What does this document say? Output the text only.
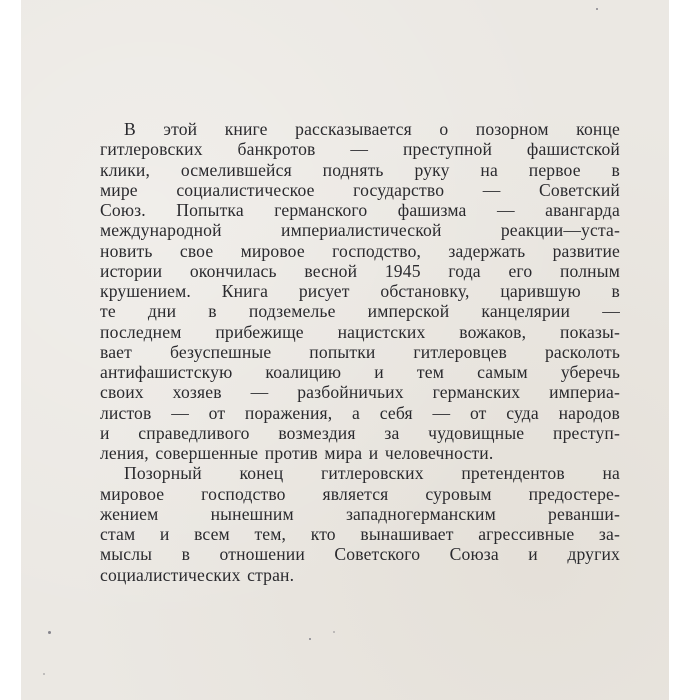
В этой книге рассказывается о позорном конце
гитлеровских банкротов — преступной фашистской
клики, осмелившейся поднять руку на первое в
мире социалистическое государство — Советский
Союз. Попытка германского фашизма — авангарда
международной империалистической реакции—уста-
новить свое мировое господство, задержать развитие
истории окончилась весной 1945 года его полным
крушением. Книга рисует обстановку, царившую в
те дни в подземелье имперской канцелярии —
последнем прибежище нацистских вожаков, показы-
вает безуспешные попытки гитлеровцев расколоть
антифашистскую коалицию и тем самым уберечь
своих хозяев — разбойничьих германских империа-
листов — от поражения, а себя — от суда народов
и справедливого возмездия за чудовищные преступ-
ления, совершенные против мира и человечности.
Позорный конец гитлеровских претендентов на
мировое господство является суровым предостере-
жением нынешним западногерманским реванши-
стам и всем тем, кто вынашивает агрессивные за-
мыслы в отношении Советского Союза и других
социалистических стран.
